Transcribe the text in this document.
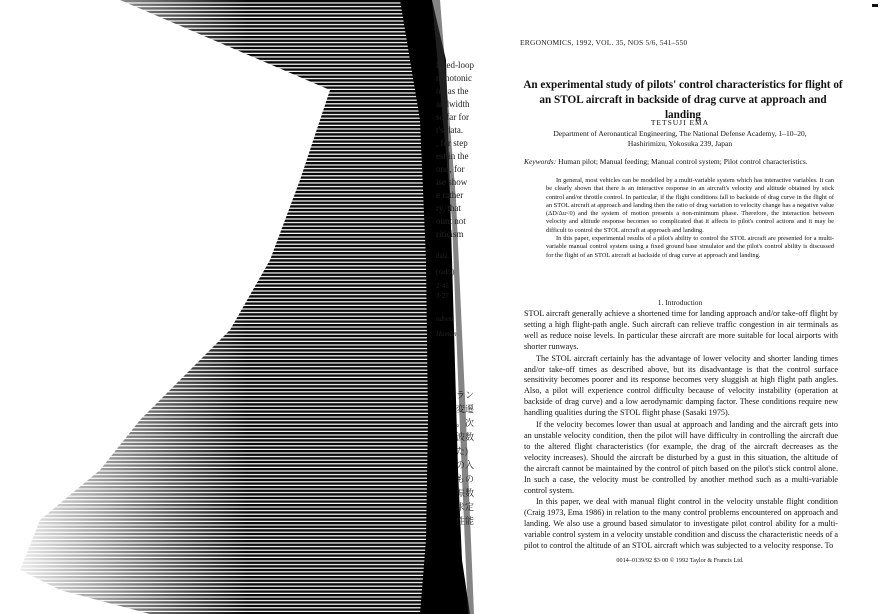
losed-loop
nonotonic
ter as the
andwidth
so far for
t's data.
, for step
est in the
ond, for
ise show
e rather
ry, that
ount not
riticism
data.
(rad/s)
2·45
3·27
ndress
Human
ラン
変遷
。次
波数
た)
の入
もの
振数
求定
性能
ERGONOMICS, 1992, VOL. 35, NOS 5/6, 541–550
An experimental study of pilots' control characteristics for flight of an STOL aircraft in backside of drag curve at approach and landing
TETSUJI EMA
Department of Aeronautical Engineering, The National Defense Academy, 1–10–20,
Hashirimizu, Yokosuka 239, Japan
Keywords: Human pilot; Manual feeding; Manual control system; Pilot control characteristics.

In general, most vehicles can be modelled by a multi-variable system which has interactive variables. It can be clearly shown that there is an interactive response in an aircraft's velocity and altitude obtained by stick control and/or throttle control. In particular, if the flight conditions fall to backside of drag curve in the flight of an STOL aircraft at approach and landing then the ratio of drag variation to velocity change has a negative value (ΔD/Δu<0) and the system of motion presents a non-minimum phase. Therefore, the interaction between velocity and altitude response becomes so complicated that it affects to pilot's control actions and it may be difficult to control the STOL aircraft at approach and landing.

In this paper, experimental results of a pilot's ability to control the STOL aircraft are presented for a multi-variable manual control system using a fixed ground base simulator and the pilot's control ability is discussed for the flight of an STOL aircraft at backside of drag curve at approach and landing.

1. Introduction

STOL aircraft generally achieve a shortened time for landing approach and/or take-off flight by setting a high flight-path angle. Such aircraft can relieve traffic congestion in air terminals as well as reduce noise levels. In particular these aircraft are more suitable for local airports with shorter runways.

The STOL aircraft certainly has the advantage of lower velocity and shorter landing times and/or take-off times as described above, but its disadvantage is that the control surface sensitivity becomes poorer and its response becomes very sluggish at high flight path angles. Also, a pilot will experience control difficulty because of velocity instability (operation at backside of drag curve) and a low aerodynamic damping factor. These conditions require new handling qualities during the STOL flight phase (Sasaki 1975).

If the velocity becomes lower than usual at approach and landing and the aircraft gets into an unstable velocity condition, then the pilot will have difficulty in controlling the aircraft due to the altered flight characteristics (for example, the drag of the aircraft decreases as the velocity increases). Should the aircraft be disturbed by a gust in this situation, the altitude of the aircraft cannot be maintained by the control of pitch based on the pilot's stick control alone. In such a case, the velocity must be controlled by another method such as a multi-variable control system.

In this paper, we deal with manual flight control in the velocity unstable flight condition (Craig 1973, Ema 1986) in relation to the many control problems encountered on approach and landing. We also use a ground based simulator to investigate pilot control ability for a multi-variable control system in a velocity unstable condition and discuss the characteristic needs of a pilot to control the altitude of an STOL aircraft which was subjected to a velocity response. To

0014–0139/92 $3·00 © 1992 Taylor & Francis Ltd.
